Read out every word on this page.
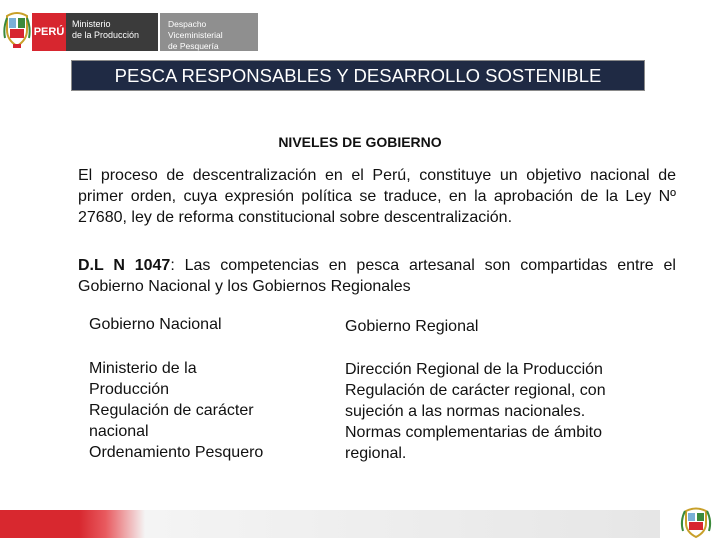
PERÚ
Ministerio
de la Producción
Despacho Viceministerial
de Pesquería
PESCA RESPONSABLES Y DESARROLLO SOSTENIBLE
NIVELES DE GOBIERNO

El proceso de descentralización en el Perú, constituye un objetivo nacional de primer orden, cuya expresión política se traduce, en la aprobación de la Ley Nº 27680, ley de reforma constitucional sobre descentralización.

D.L N 1047: Las competencias en pesca artesanal son compartidas entre el Gobierno Nacional y los Gobiernos Regionales

Gobierno Nacional	Gobierno Regional
Ministerio de la
Producción
Regulación de carácter
nacional
Ordenamiento Pesquero
Dirección Regional de la Producción
Regulación de carácter regional, con
sujeción a las normas nacionales.
Normas complementarias de ámbito
regional.
